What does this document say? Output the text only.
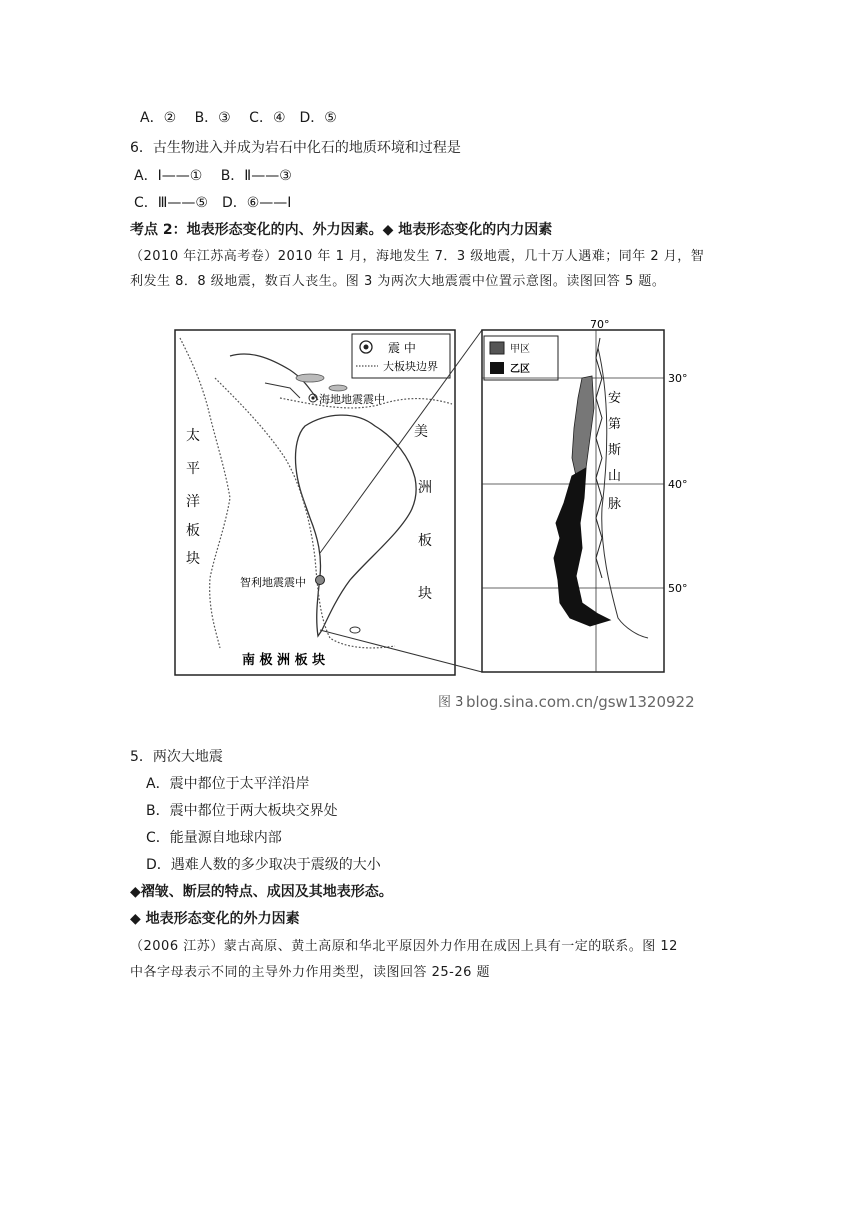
A．②　 B．③　 C．④　D．⑤
6．古生物进入并成为岩石中化石的地质环境和过程是
A．Ⅰ——①　 B．Ⅱ——③
C．Ⅲ——⑤　D．⑥——Ⅰ
考点 2：地表形态变化的内、外力因素。◆ 地表形态变化的内力因素
（2010 年江苏高考卷）2010 年 1 月，海地发生 7．3 级地震，几十万人遇难；同年 2 月，智
利发生 8．8 级地震，数百人丧生。图 3 为两次大地震震中位置示意图。读图回答 5 题。
震 中
大板块边界
海地地震震中
智利地震震中
太
平
洋
板
块
美
洲
板
块
南 极 洲 板 块
甲区
乙区
70°
30°
40°
50°
安
第
斯
山
脉
图 3 blog.sina.com.cn/gsw1320922
5．两次大地震
A．震中都位于太平洋沿岸
B．震中都位于两大板块交界处
C．能量源自地球内部
D．遇难人数的多少取决于震级的大小
◆褶皱、断层的特点、成因及其地表形态。
◆ 地表形态变化的外力因素
（2006 江苏）蒙古高原、黄土高原和华北平原因外力作用在成因上具有一定的联系。图 12
中各字母表示不同的主导外力作用类型，读图回答 25-26 题
